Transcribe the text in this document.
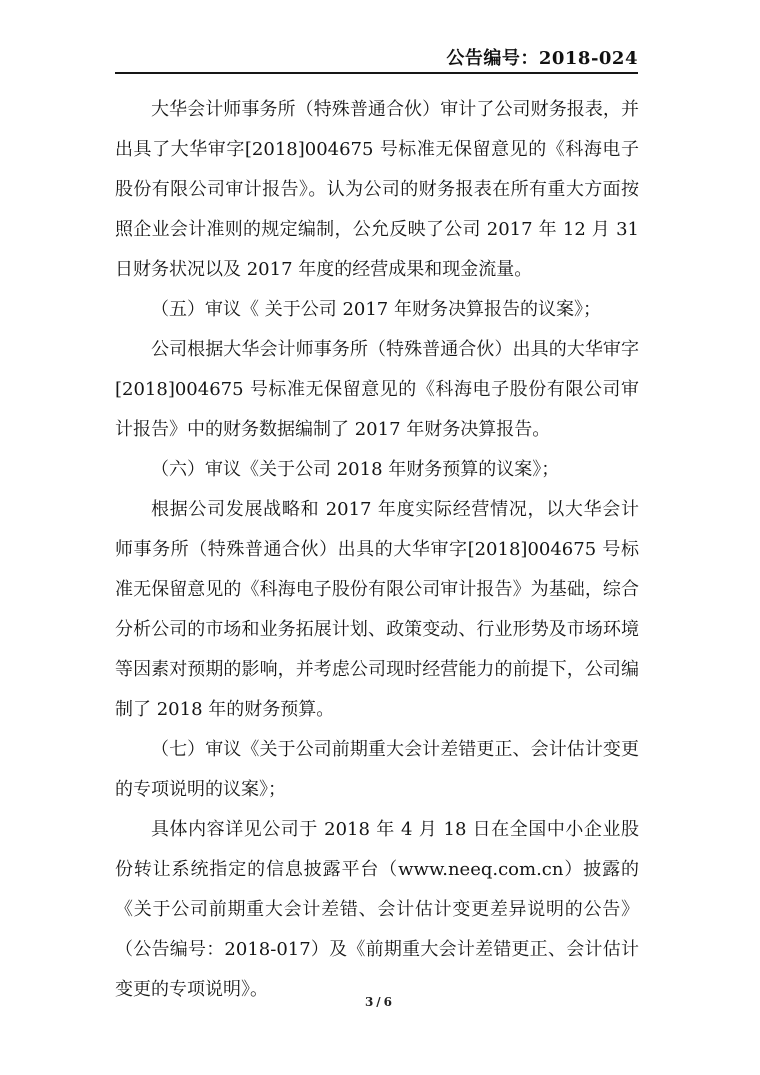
公告编号：2018-024

大华会计师事务所（特殊普通合伙）审计了公司财务报表，并出具了大华审字[2018]004675 号标准无保留意见的《科海电子股份有限公司审计报告》。认为公司的财务报表在所有重大方面按照企业会计准则的规定编制，公允反映了公司 2017 年 12 月 31 日财务状况以及 2017 年度的经营成果和现金流量。

（五）审议《 关于公司 2017 年财务决算报告的议案》；

公司根据大华会计师事务所（特殊普通合伙）出具的大华审字[2018]004675 号标准无保留意见的《科海电子股份有限公司审计报告》中的财务数据编制了 2017 年财务决算报告。

（六）审议《关于公司 2018 年财务预算的议案》；

根据公司发展战略和 2017 年度实际经营情况，以大华会计师事务所（特殊普通合伙）出具的大华审字[2018]004675 号标准无保留意见的《科海电子股份有限公司审计报告》为基础，综合分析公司的市场和业务拓展计划、政策变动、行业形势及市场环境等因素对预期的影响，并考虑公司现时经营能力的前提下，公司编制了 2018 年的财务预算。

（七）审议《关于公司前期重大会计差错更正、会计估计变更的专项说明的议案》；

具体内容详见公司于 2018 年 4 月 18 日在全国中小企业股份转让系统指定的信息披露平台（www.neeq.com.cn）披露的《关于公司前期重大会计差错、会计估计变更差异说明的公告》（公告编号：2018-017）及《前期重大会计差错更正、会计估计变更的专项说明》。

3/6
